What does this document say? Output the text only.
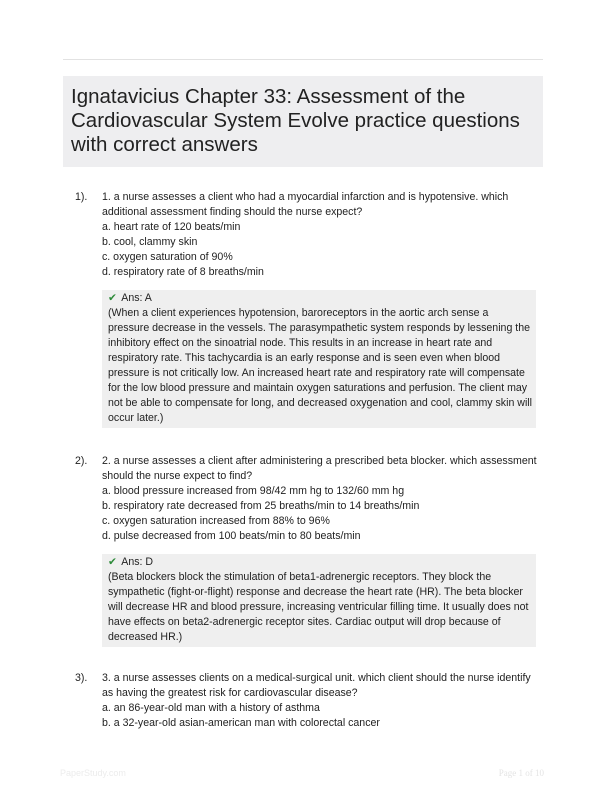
Ignatavicius Chapter 33: Assessment of the Cardiovascular System Evolve practice questions with correct answers
1). 1. a nurse assesses a client who had a myocardial infarction and is hypotensive. which additional assessment finding should the nurse expect?
a. heart rate of 120 beats/min
b. cool, clammy skin
c. oxygen saturation of 90%
d. respiratory rate of 8 breaths/min
✔ Ans: A
(When a client experiences hypotension, baroreceptors in the aortic arch sense a pressure decrease in the vessels. The parasympathetic system responds by lessening the inhibitory effect on the sinoatrial node. This results in an increase in heart rate and respiratory rate. This tachycardia is an early response and is seen even when blood pressure is not critically low. An increased heart rate and respiratory rate will compensate for the low blood pressure and maintain oxygen saturations and perfusion. The client may not be able to compensate for long, and decreased oxygenation and cool, clammy skin will occur later.)
2). 2. a nurse assesses a client after administering a prescribed beta blocker. which assessment should the nurse expect to find?
a. blood pressure increased from 98/42 mm hg to 132/60 mm hg
b. respiratory rate decreased from 25 breaths/min to 14 breaths/min
c. oxygen saturation increased from 88% to 96%
d. pulse decreased from 100 beats/min to 80 beats/min
✔ Ans: D
(Beta blockers block the stimulation of beta1-adrenergic receptors. They block the sympathetic (fight-or-flight) response and decrease the heart rate (HR). The beta blocker will decrease HR and blood pressure, increasing ventricular filling time. It usually does not have effects on beta2-adrenergic receptor sites. Cardiac output will drop because of decreased HR.)
3). 3. a nurse assesses clients on a medical-surgical unit. which client should the nurse identify as having the greatest risk for cardiovascular disease?
a. an 86-year-old man with a history of asthma
b. a 32-year-old asian-american man with colorectal cancer
PaperStudy.com	Page 1 of 10
